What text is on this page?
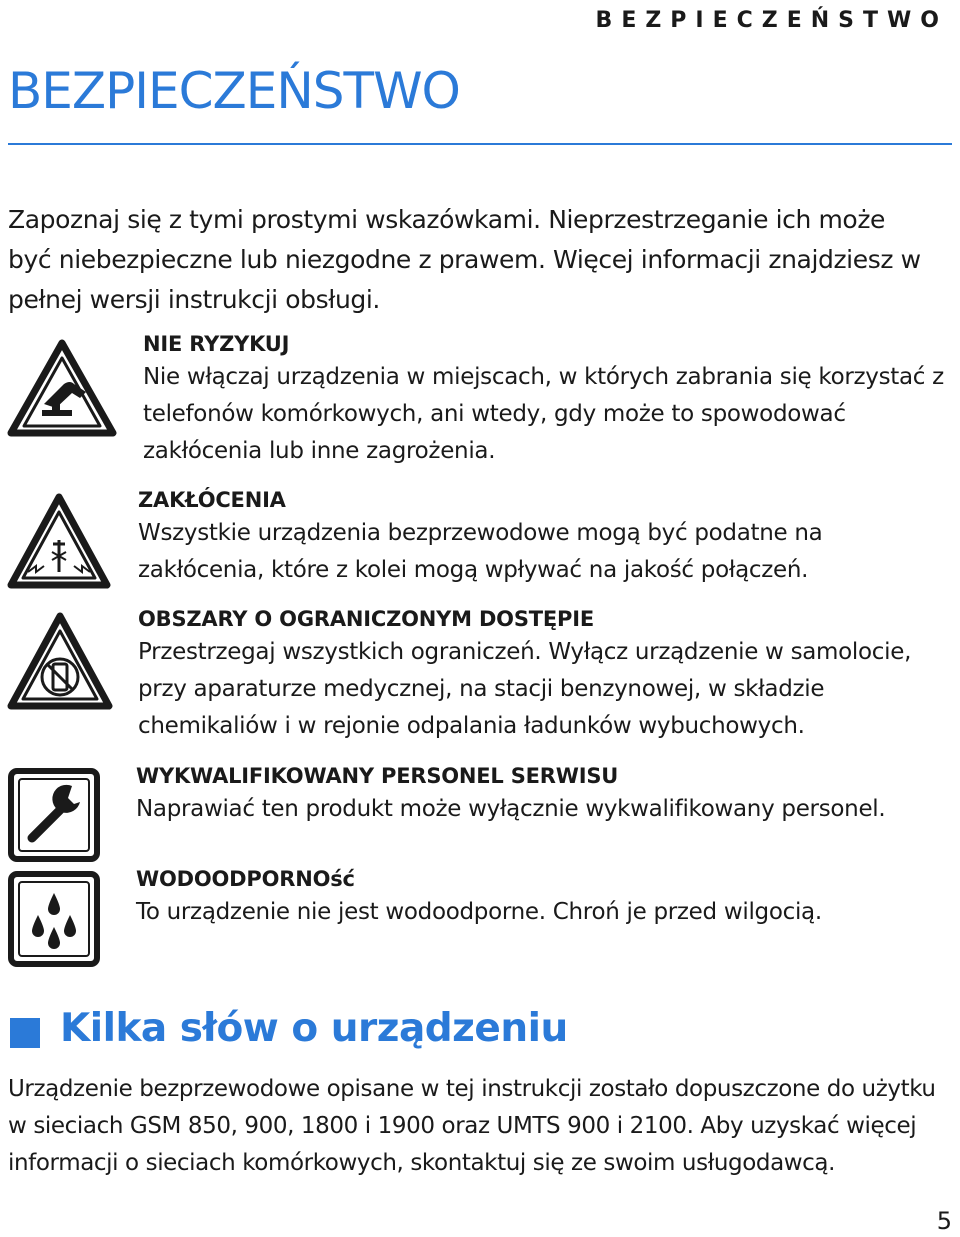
BEZPIECZEŃSTWO
BEZPIECZEŃSTWO

Zapoznaj się z tymi prostymi wskazówkami. Nieprzestrzeganie ich może być niebezpieczne lub niezgodne z prawem. Więcej informacji znajdziesz w pełnej wersji instrukcji obsługi.

NIE RYZYKUJ

Nie włączaj urządzenia w miejscach, w których zabrania się korzystać z telefonów komórkowych, ani wtedy, gdy może to spowodować zakłócenia lub inne zagrożenia.

ZAKŁÓCENIA

Wszystkie urządzenia bezprzewodowe mogą być podatne na zakłócenia, które z kolei mogą wpływać na jakość połączeń.

OBSZARY O OGRANICZONYM DOSTĘPIE

Przestrzegaj wszystkich ograniczeń. Wyłącz urządzenie w samolocie, przy aparaturze medycznej, na stacji benzynowej, w składzie chemikaliów i w rejonie odpalania ładunków wybuchowych.

WYKWALIFIKOWANY PERSONEL SERWISU

Naprawiać ten produkt może wyłącznie wykwalifikowany personel.

WODOODPORNOść

To urządzenie nie jest wodoodporne. Chroń je przed wilgocią.

Kilka słów o urządzeniu

Urządzenie bezprzewodowe opisane w tej instrukcji zostało dopuszczone do użytku w sieciach GSM 850, 900, 1800 i 1900 oraz UMTS 900 i 2100. Aby uzyskać więcej informacji o sieciach komórkowych, skontaktuj się ze swoim usługodawcą.

5
